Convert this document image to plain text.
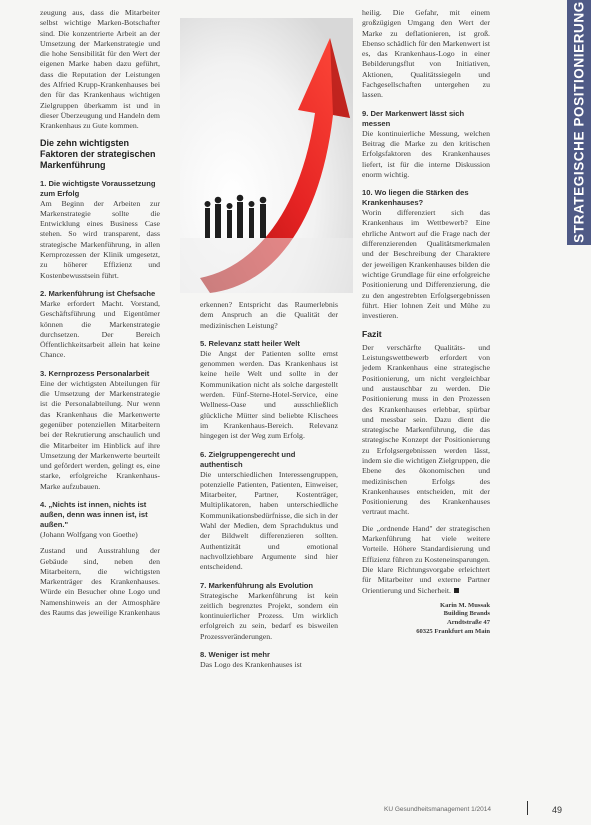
STRATEGISCHE POSITIONIERUNG

zeugung aus, dass die Mitarbeiter selbst wichtige Marken-Botschafter sind. Die konzentrierte Arbeit an der Umsetzung der Markenstrategie und die hohe Sensibilität für den Wert der eigenen Marke haben dazu geführt, dass die Reputation der Leistungen des Alfried Krupp-Krankenhauses bei den für das Krankenhaus wichtigen Zielgruppen überkamm ist und in dieser Überzeugung und Handeln dem Krankenhaus zu Gute kommen.

Die zehn wichtigsten Faktoren der strategischen Markenführung
1. Die wichtigste Voraussetzung zum Erfolg

Am Beginn der Arbeiten zur Markenstrategie sollte die Entwicklung eines Business Case stehen. So wird transparent, dass strategische Markenführung, in allen Kernprozessen der Klinik umgesetzt, zu höherer Effizienz und Kostenbewusstsein führt.

2. Markenführung ist Chefsache

Marke erfordert Macht. Vorstand, Geschäftsführung und Eigentümer können die Markenstrategie durchsetzen. Der Bereich Öffentlichkeitsarbeit allein hat keine Chance.

3. Kernprozess Personalarbeit

Eine der wichtigsten Abteilungen für die Umsetzung der Markenstrategie ist die Personalabteilung. Nur wenn das Krankenhaus die Markenwerte gegenüber potenziellen Mitarbeitern bei der Rekrutierung anschaulich und die Mitarbeiter im Hinblick auf ihre Umsetzung der Markenwerte beurteilt und gefördert werden, gelingt es, eine starke, erfolgreiche Krankenhaus-Marke aufzubauen.

4. „Nichts ist innen, nichts ist außen, denn was innen ist, ist außen."

(Johann Wolfgang von Goethe)

Zustand und Ausstrahlung der Gebäude sind, neben den Mitarbeitern, die wichtigsten Markenträger des Krankenhauses. Würde ein Besucher ohne Logo und Namenshinweis an der Atmosphäre des Raums das jeweilige Krankenhaus

erkennen? Entspricht das Raumerlebnis dem Anspruch an die Qualität der medizinischen Leistung?

5. Relevanz statt heiler Welt

Die Angst der Patienten sollte ernst genommen werden. Das Krankenhaus ist keine heile Welt und sollte in der Kommunikation nicht als solche dargestellt werden. Fünf-Sterne-Hotel-Service, eine Wellness-Oase und ausschließlich glückliche Mütter sind beliebte Klischees im Krankenhaus-Bereich. Relevanz hingegen ist der Weg zum Erfolg.

6. Zielgruppengerecht und authentisch

Die unterschiedlichen Interessengruppen, potenzielle Patienten, Patienten, Einweiser, Mitarbeiter, Partner, Kostenträger, Multiplikatoren, haben unterschiedliche Kommunikationsbedürfnisse, die sich in der Wahl der Medien, dem Sprachduktus und der Bildwelt differenzieren sollten. Authentizität und emotional nachvollziehbare Argumente sind hier entscheidend.

7. Markenführung als Evolution

Strategische Markenführung ist kein zeitlich begrenztes Projekt, sondern ein kontinuierlicher Prozess. Um wirklich erfolgreich zu sein, bedarf es bisweilen Prozessveränderungen.

8. Weniger ist mehr

Das Logo des Krankenhauses ist

heilig. Die Gefahr, mit einem großzügigen Umgang den Wert der Marke zu deflationieren, ist groß. Ebenso schädlich für den Markenwert ist es, das Krankenhaus-Logo in einer Bebilderungsflut von Initiativen, Aktionen, Qualitätssiegeln und Fachgesellschaften untergehen zu lassen.

9. Der Markenwert lässt sich messen

Die kontinuierliche Messung, welchen Beitrag die Marke zu den kritischen Erfolgsfaktoren des Krankenhauses liefert, ist für die interne Diskussion enorm wichtig.

10. Wo liegen die Stärken des Krankenhauses?

Worin differenziert sich das Krankenhaus im Wettbewerb? Eine ehrliche Antwort auf die Frage nach der differenzierenden Qualitätsmerkmalen und der Beschreibung der Charaktere der jeweiligen Krankenhauses bilden die wichtige Grundlage für eine erfolgreiche Positionierung und Differenzierung, die zu den angestrebten Erfolgsergebnissen führt. Hier lohnen Zeit und Mühe zu investieren.

Fazit

Der verschärfte Qualitäts- und Leistungswettbewerb erfordert von jedem Krankenhaus eine strategische Positionierung, um nicht vergleichbar und austauschbar zu werden. Die Positionierung muss in den Prozessen des Krankenhauses erlebbar, spürbar und messbar sein. Dazu dient die strategische Markenführung, die das strategische Konzept der Positionierung zu Erfolgsergebnissen werden lässt, indem sie die wichtigen Zielgruppen, die Ebene des ökonomischen und medizinischen Erfolgs des Krankenhauses entscheiden, mit der Positionierung des Krankenhauses vertraut macht.

Die „ordnende Hand" der strategischen Markenführung hat viele weitere Vorteile. Höhere Standardisierung und Effizienz führen zu Kosteneinsparungen. Die klare Richtungsvorgabe erleichtert für Mitarbeiter und externe Partner Orientierung und Sicherheit.

Karin M. Mussak
Building Brands
Arndtstraße 47
60325 Frankfurt am Main
KU Gesundheitsmanagement 1/2014	49
